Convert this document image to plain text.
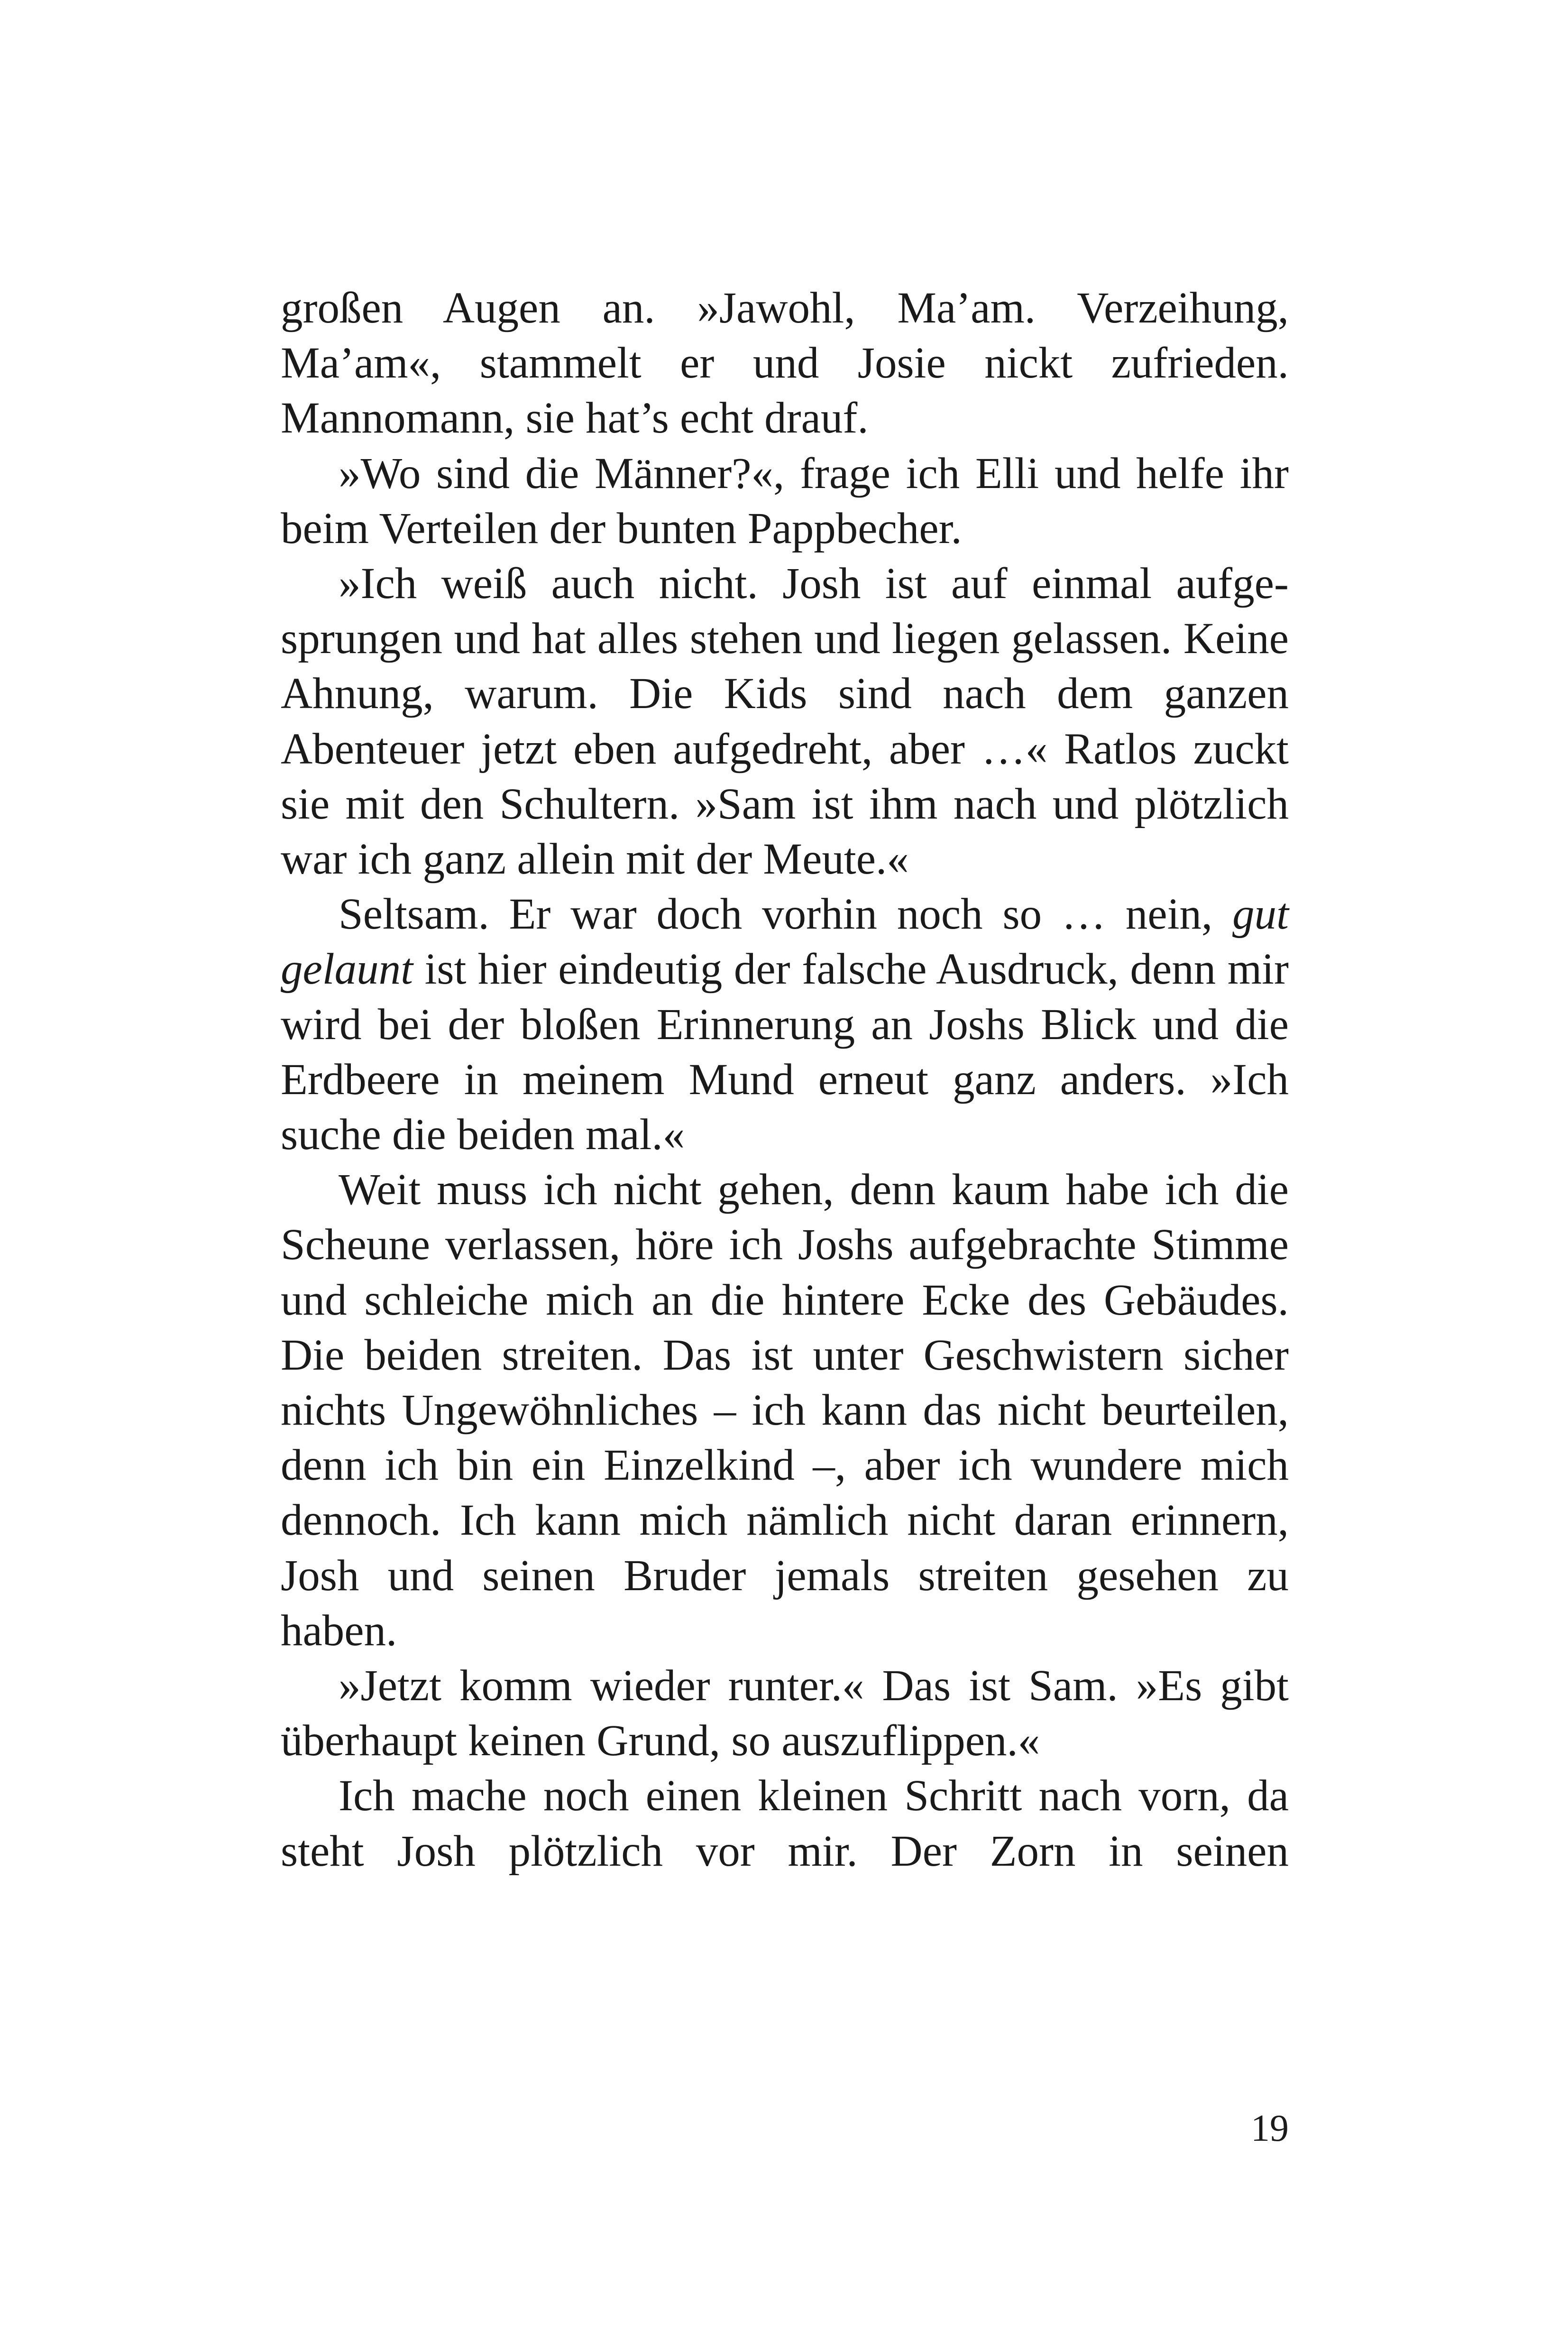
großen Augen an. »Jawohl, Ma’am. Verzeihung, Ma’am«, stammelt er und Josie nickt zufrieden. Mannomann, sie hat’s echt drauf.

»Wo sind die Männer?«, frage ich Elli und helfe ihr beim Verteilen der bunten Pappbecher.

»Ich weiß auch nicht. Josh ist auf einmal aufgesprungen und hat alles stehen und liegen gelassen. Keine Ahnung, warum. Die Kids sind nach dem ganzen Abenteuer jetzt eben aufgedreht, aber …« Ratlos zuckt sie mit den Schultern. »Sam ist ihm nach und plötzlich war ich ganz allein mit der Meute.«

Seltsam. Er war doch vorhin noch so … nein, gut gelaunt ist hier eindeutig der falsche Ausdruck, denn mir wird bei der bloßen Erinnerung an Joshs Blick und die Erdbeere in meinem Mund erneut ganz anders. »Ich suche die beiden mal.«

Weit muss ich nicht gehen, denn kaum habe ich die Scheune verlassen, höre ich Joshs aufgebrachte Stimme und schleiche mich an die hintere Ecke des Gebäudes. Die beiden streiten. Das ist unter Geschwistern sicher nichts Ungewöhnliches – ich kann das nicht beurteilen, denn ich bin ein Einzelkind –, aber ich wundere mich dennoch. Ich kann mich nämlich nicht daran erinnern, Josh und seinen Bruder jemals streiten gesehen zu haben.

»Jetzt komm wieder runter.« Das ist Sam. »Es gibt überhaupt keinen Grund, so auszuflippen.«

Ich mache noch einen kleinen Schritt nach vorn, da steht Josh plötzlich vor mir. Der Zorn in seinen

19
